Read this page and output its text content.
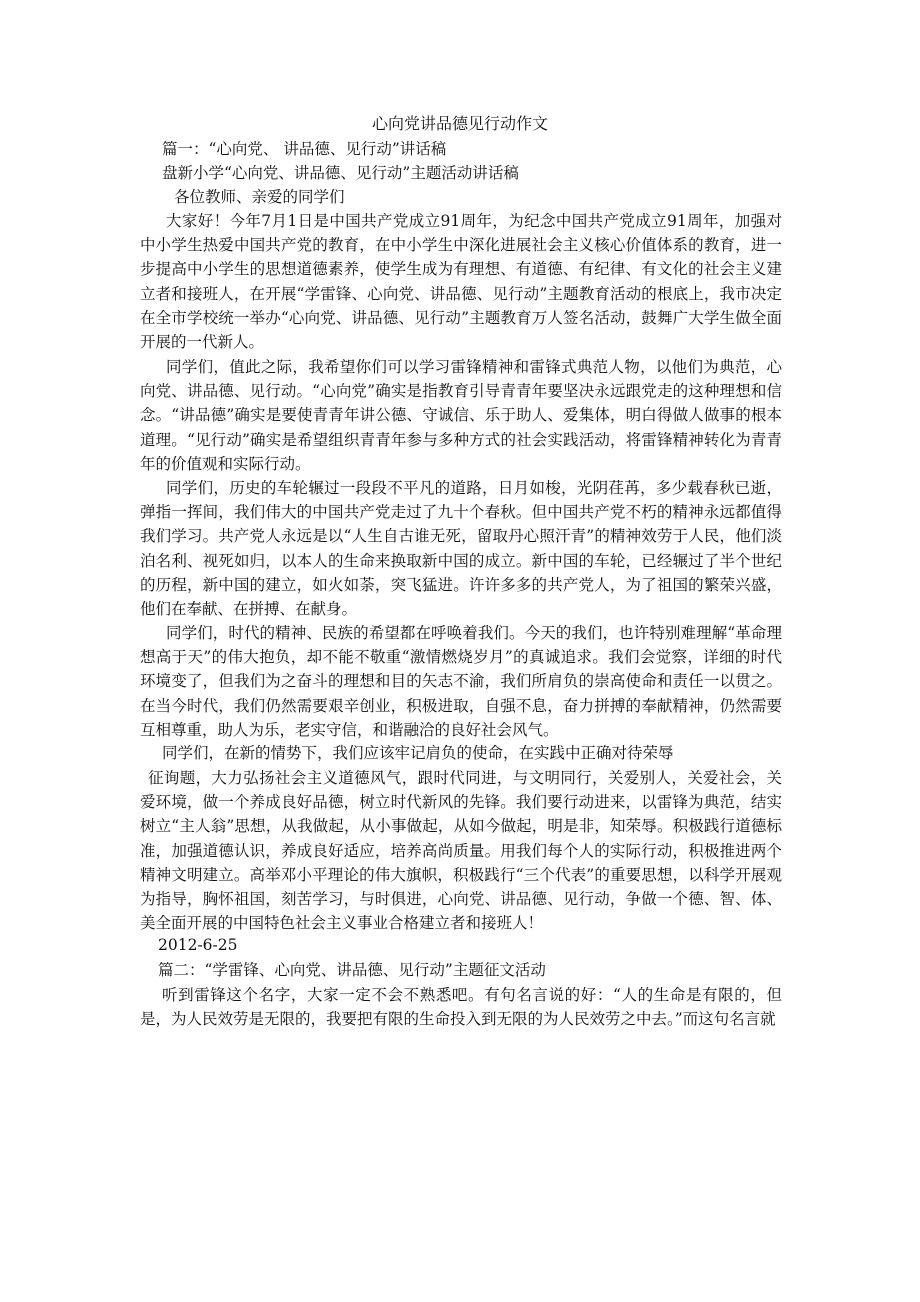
心向党讲品德见行动作文
篇一：“心向党、 讲品德、见行动”讲话稿
盘新小学“心向党、讲品德、见行动”主题活动讲话稿
各位教师、亲爱的同学们

大家好！今年7月1日是中国共产党成立91周年，为纪念中国共产党成立91周年，加强对中小学生热爱中国共产党的教育，在中小学生中深化进展社会主义核心价值体系的教育，进一步提高中小学生的思想道德素养，使学生成为有理想、有道德、有纪律、有文化的社会主义建立者和接班人，在开展“学雷锋、心向党、讲品德、见行动”主题教育活动的根底上，我市决定在全市学校统一举办“心向党、讲品德、见行动”主题教育万人签名活动，鼓舞广大学生做全面开展的一代新人。

同学们，值此之际，我希望你们可以学习雷锋精神和雷锋式典范人物，以他们为典范，心向党、讲品德、见行动。“心向党”确实是指教育引导青青年要坚决永远跟党走的这种理想和信念。“讲品德”确实是要使青青年讲公德、守诚信、乐于助人、爱集体，明白得做人做事的根本道理。“见行动”确实是希望组织青青年参与多种方式的社会实践活动，将雷锋精神转化为青青年的价值观和实际行动。

同学们，历史的车轮辗过一段段不平凡的道路，日月如梭，光阴荏苒，多少载春秋已逝，弹指一挥间，我们伟大的中国共产党走过了九十个春秋。但中国共产党不朽的精神永远都值得我们学习。共产党人永远是以“人生自古谁无死，留取丹心照汗青”的精神效劳于人民，他们淡泊名利、视死如归，以本人的生命来换取新中国的成立。新中国的车轮，已经辗过了半个世纪的历程，新中国的建立，如火如荼，突飞猛进。许许多多的共产党人，为了祖国的繁荣兴盛，他们在奉献、在拼搏、在献身。

同学们，时代的精神、民族的希望都在呼唤着我们。今天的我们，也许特别难理解“革命理想高于天”的伟大抱负，却不能不敬重“激情燃烧岁月”的真诚追求。我们会觉察，详细的时代环境变了，但我们为之奋斗的理想和目的矢志不渝，我们所肩负的崇高使命和责任一以贯之。在当今时代，我们仍然需要艰辛创业，积极进取，自强不息，奋力拼搏的奉献精神，仍然需要互相尊重，助人为乐，老实守信，和谐融洽的良好社会风气。

同学们，在新的情势下，我们应该牢记肩负的使命，在实践中正确对待荣辱

征询题，大力弘扬社会主义道德风气，跟时代同进，与文明同行，关爱别人，关爱社会，关爱环境，做一个养成良好品德，树立时代新风的先锋。我们要行动进来，以雷锋为典范，结实树立“主人翁”思想，从我做起，从小事做起，从如今做起，明是非，知荣辱。积极践行道德标准，加强道德认识，养成良好适应，培养高尚质量。用我们每个人的实际行动，积极推进两个精神文明建立。高举邓小平理论的伟大旗帜，积极践行“三个代表”的重要思想，以科学开展观为指导，胸怀祖国，刻苦学习，与时俱进，心向党、讲品德、见行动，争做一个德、智、体、美全面开展的中国特色社会主义事业合格建立者和接班人！

2012-6-25
篇二：“学雷锋、心向党、讲品德、见行动”主题征文活动

听到雷锋这个名字，大家一定不会不熟悉吧。有句名言说的好：“人的生命是有限的，但是，为人民效劳是无限的，我要把有限的生命投入到无限的为人民效劳之中去。”而这句名言就
